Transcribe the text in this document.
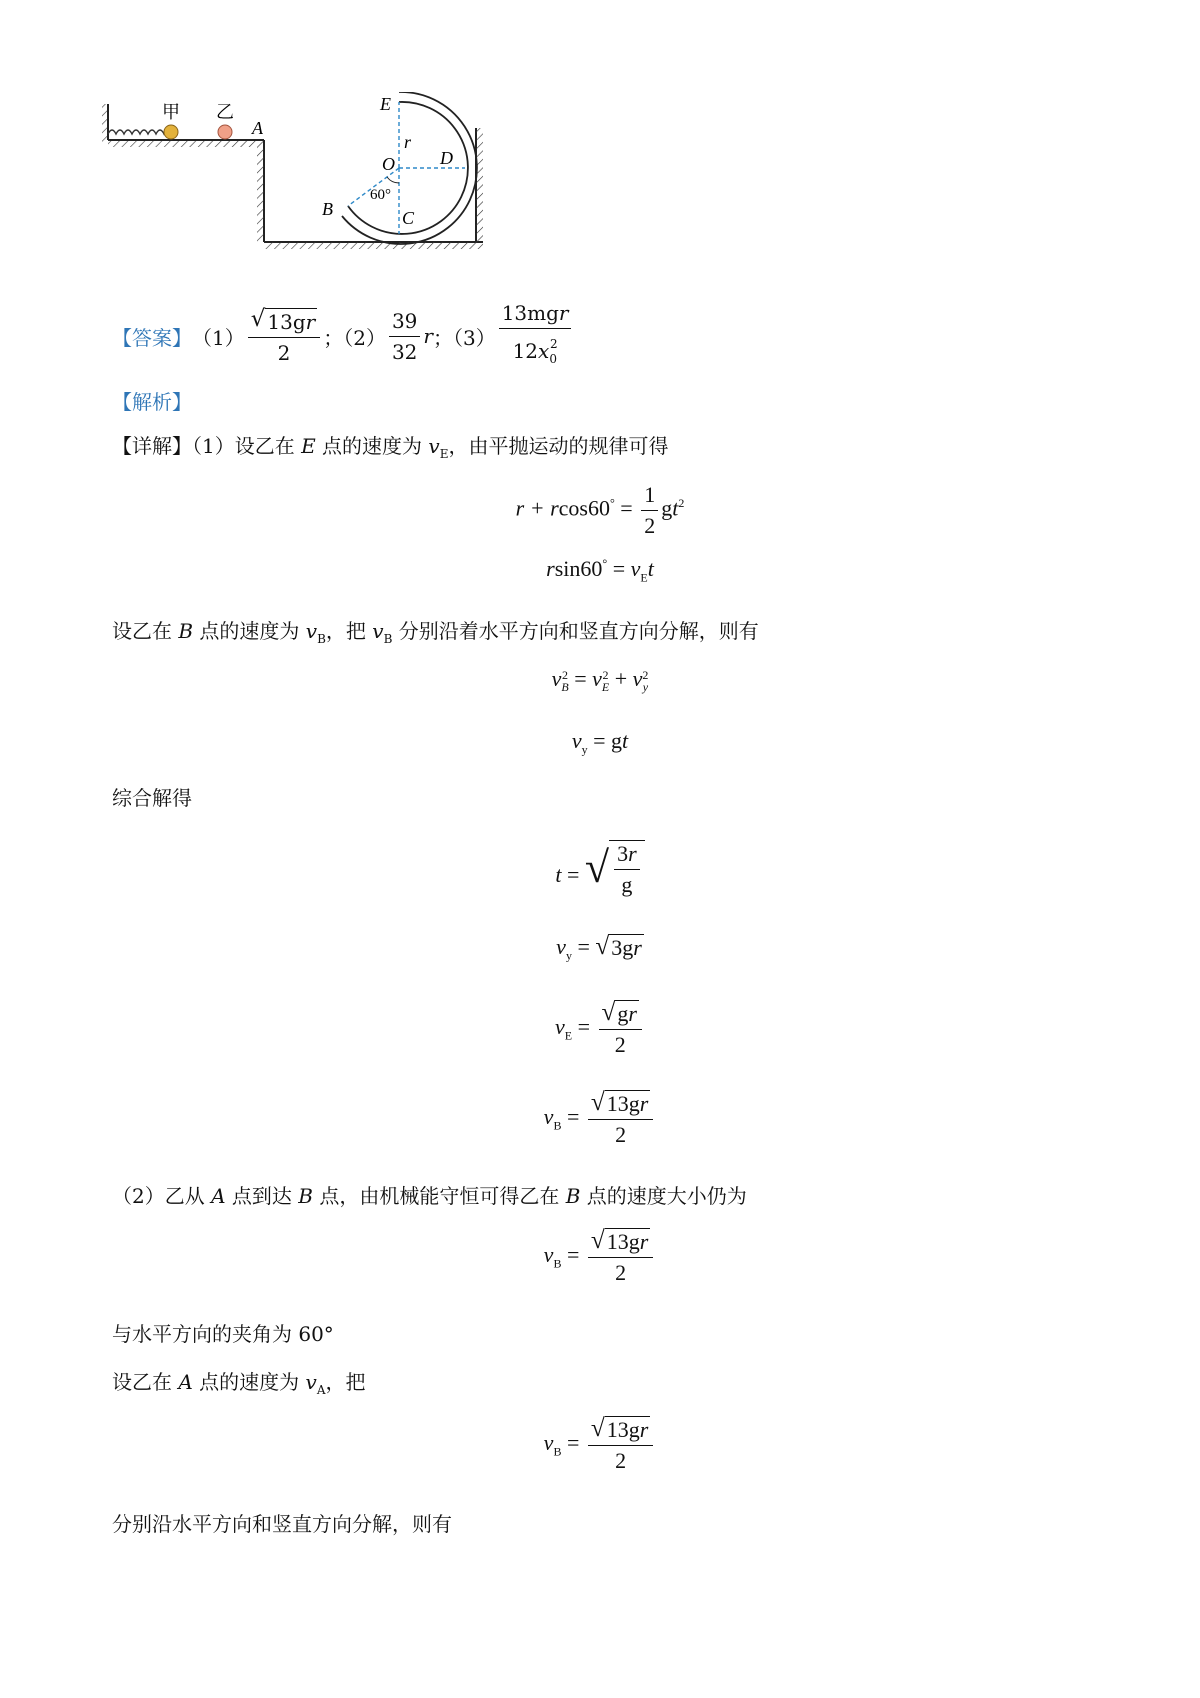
甲 乙
A
E
r
O	D
60°
B	C
【答案】 $(1) \frac{√ 13gr}{2}$ ；$(2) \frac{39}{32}$ r ；$(3) \frac{\text{13mgr}}{12x_0^2}$
【解析】
【详解】（1）设乙在 E 点的速度为 $v_E$，由平抛运动的规律可得
$r + rcos60^\circ = \frac{1}{2} gt^2$
$rsin60^\circ = v_Et$
设乙在 B 点的速度为 $v_B$，把 $v_B$ 分别沿着水平方向和竖直方向分解，则有
v 2
B = v 2
E + v 2
y
$v_y$ = gt
综合解得
t = √ $\frac{3r}{g}$
$v_y$ = √ 3gr
$v_E = \frac{√ gr}{2}$
$v_B = \frac{√ 13gr}{2}$
（2）乙从 A 点到达 B 点，由机械能守恒可得乙在 B 点的速度大小仍为
$v_B = \frac{√ 13gr}{2}$
与水平方向的夹角为 60°
设乙在 A 点的速度为 $v_A$，把
$v_B = \frac{√ 13gr}{2}$
分别沿水平方向和竖直方向分解，则有
